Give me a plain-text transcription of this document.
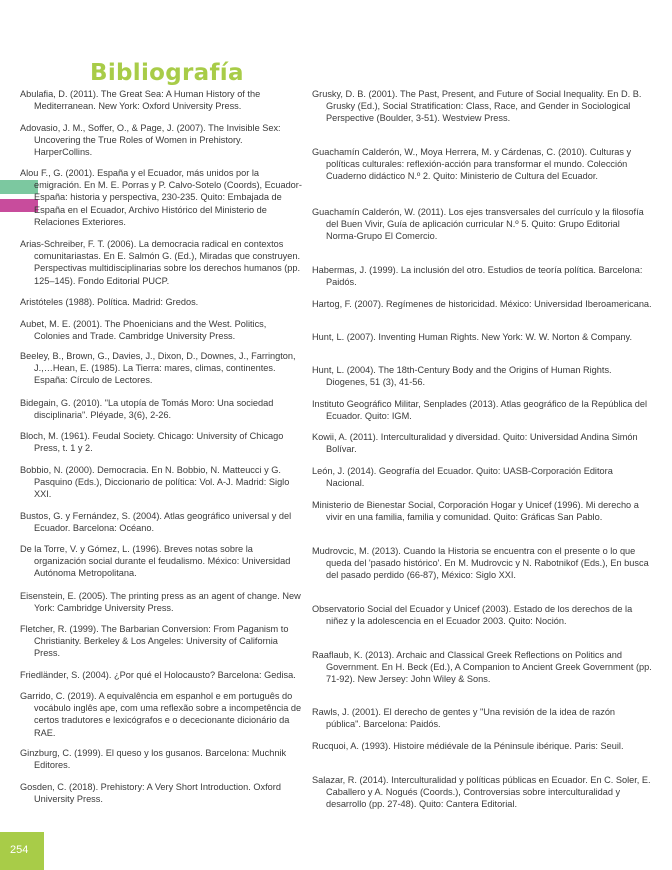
Bibliografía
Abulafia, D. (2011). The Great Sea: A Human History of the Mediterranean. New York: Oxford University Press.
Adovasio, J. M., Soffer, O., & Page, J. (2007). The Invisible Sex: Uncovering the True Roles of Women in Prehistory. HarperCollins.
Alou F., G. (2001). España y el Ecuador, más unidos por la emigración. En M. E. Porras y P. Calvo-Sotelo (Coords), Ecuador-España: historia y perspectiva, 230-235. Quito: Embajada de España en el Ecuador, Archivo Histórico del Ministerio de Relaciones Exteriores.
Arias-Schreiber, F. T. (2006). La democracia radical en contextos comunitariastas. En E. Salmón G. (Ed.), Miradas que construyen. Perspectivas multidisciplinarias sobre los derechos humanos (pp. 125–145). Fondo Editorial PUCP.
Aristóteles (1988). Política. Madrid: Gredos.
Aubet, M. E. (2001). The Phoenicians and the West. Politics, Colonies and Trade. Cambridge University Press.
Beeley, B., Brown, G., Davies, J., Dixon, D., Downes, J., Farrington, J.,…Hean, E. (1985). La Tierra: mares, climas, continentes. España: Círculo de Lectores.
Bidegain, G. (2010). "La utopía de Tomás Moro: Una sociedad disciplinaria". Pléyade, 3(6), 2-26.
Bloch, M. (1961). Feudal Society. Chicago: University of Chicago Press, t. 1 y 2.
Bobbio, N. (2000). Democracia. En N. Bobbio, N. Matteucci y G. Pasquino (Eds.), Diccionario de política: Vol. A-J. Madrid: Siglo XXI.
Bustos, G. y Fernández, S. (2004). Atlas geográfico universal y del Ecuador. Barcelona: Océano.
De la Torre, V. y Gómez, L. (1996). Breves notas sobre la organización social durante el feudalismo. México: Universidad Autónoma Metropolitana.
Eisenstein, E. (2005). The printing press as an agent of change. New York: Cambridge University Press.
Fletcher, R. (1999). The Barbarian Conversion: From Paganism to Christianity. Berkeley & Los Angeles: University of California Press.
Friedländer, S. (2004). ¿Por qué el Holocausto? Barcelona: Gedisa.
Garrido, C. (2019). A equivalência em espanhol e em português do vocábulo inglês ape, com uma reflexão sobre a incompetência de certos tradutores e lexicógrafos e o dececionante dicionário da RAE.
Ginzburg, C. (1999). El queso y los gusanos. Barcelona: Muchnik Editores.
Gosden, C. (2018). Prehistory: A Very Short Introduction. Oxford University Press.
Grusky, D. B. (2001). The Past, Present, and Future of Social Inequality. En D. B. Grusky (Ed.), Social Stratification: Class, Race, and Gender in Sociological Perspective (Boulder, 3-51). Westview Press.
Guachamín Calderón, W., Moya Herrera, M. y Cárdenas, C. (2010). Culturas y políticas culturales: reflexión-acción para transformar el mundo. Colección Cuaderno didáctico N.º 2. Quito: Ministerio de Cultura del Ecuador.
Guachamín Calderón, W. (2011). Los ejes transversales del currículo y la filosofía del Buen Vivir, Guía de aplicación curricular N.º 5. Quito: Grupo Editorial Norma-Grupo El Comercio.
Habermas, J. (1999). La inclusión del otro. Estudios de teoría política. Barcelona: Paidós.
Hartog, F. (2007). Regímenes de historicidad. México: Universidad Iberoamericana.
Hunt, L. (2007). Inventing Human Rights. New York: W. W. Norton & Company.
Hunt, L. (2004). The 18th-Century Body and the Origins of Human Rights. Diogenes, 51 (3), 41-56.
Instituto Geográfico Militar, Senplades (2013). Atlas geográfico de la República del Ecuador. Quito: IGM.
Kowii, A. (2011). Interculturalidad y diversidad. Quito: Universidad Andina Simón Bolívar.
León, J. (2014). Geografía del Ecuador. Quito: UASB-Corporación Editora Nacional.
Ministerio de Bienestar Social, Corporación Hogar y Unicef (1996). Mi derecho a vivir en una familia, familia y comunidad. Quito: Gráficas San Pablo.
Mudrovcic, M. (2013). Cuando la Historia se encuentra con el presente o lo que queda del 'pasado histórico'. En M. Mudrovcic y N. Rabotnikof (Eds.), En busca del pasado perdido (66-87), México: Siglo XXI.
Observatorio Social del Ecuador y Unicef (2003). Estado de los derechos de la niñez y la adolescencia en el Ecuador 2003. Quito: Noción.
Raaflaub, K. (2013). Archaic and Classical Greek Reflections on Politics and Government. En H. Beck (Ed.), A Companion to Ancient Greek Government (pp. 71-92). New Jersey: John Wiley & Sons.
Rawls, J. (2001). El derecho de gentes y "Una revisión de la idea de razón pública". Barcelona: Paidós.
Rucquoi, A. (1993). Histoire médiévale de la Péninsule ibérique. Paris: Seuil.
Salazar, R. (2014). Interculturalidad y políticas públicas en Ecuador. En C. Soler, E. Caballero y A. Nogués (Coords.), Controversias sobre interculturalidad y desarrollo (pp. 27-48). Quito: Cantera Editorial.
254
